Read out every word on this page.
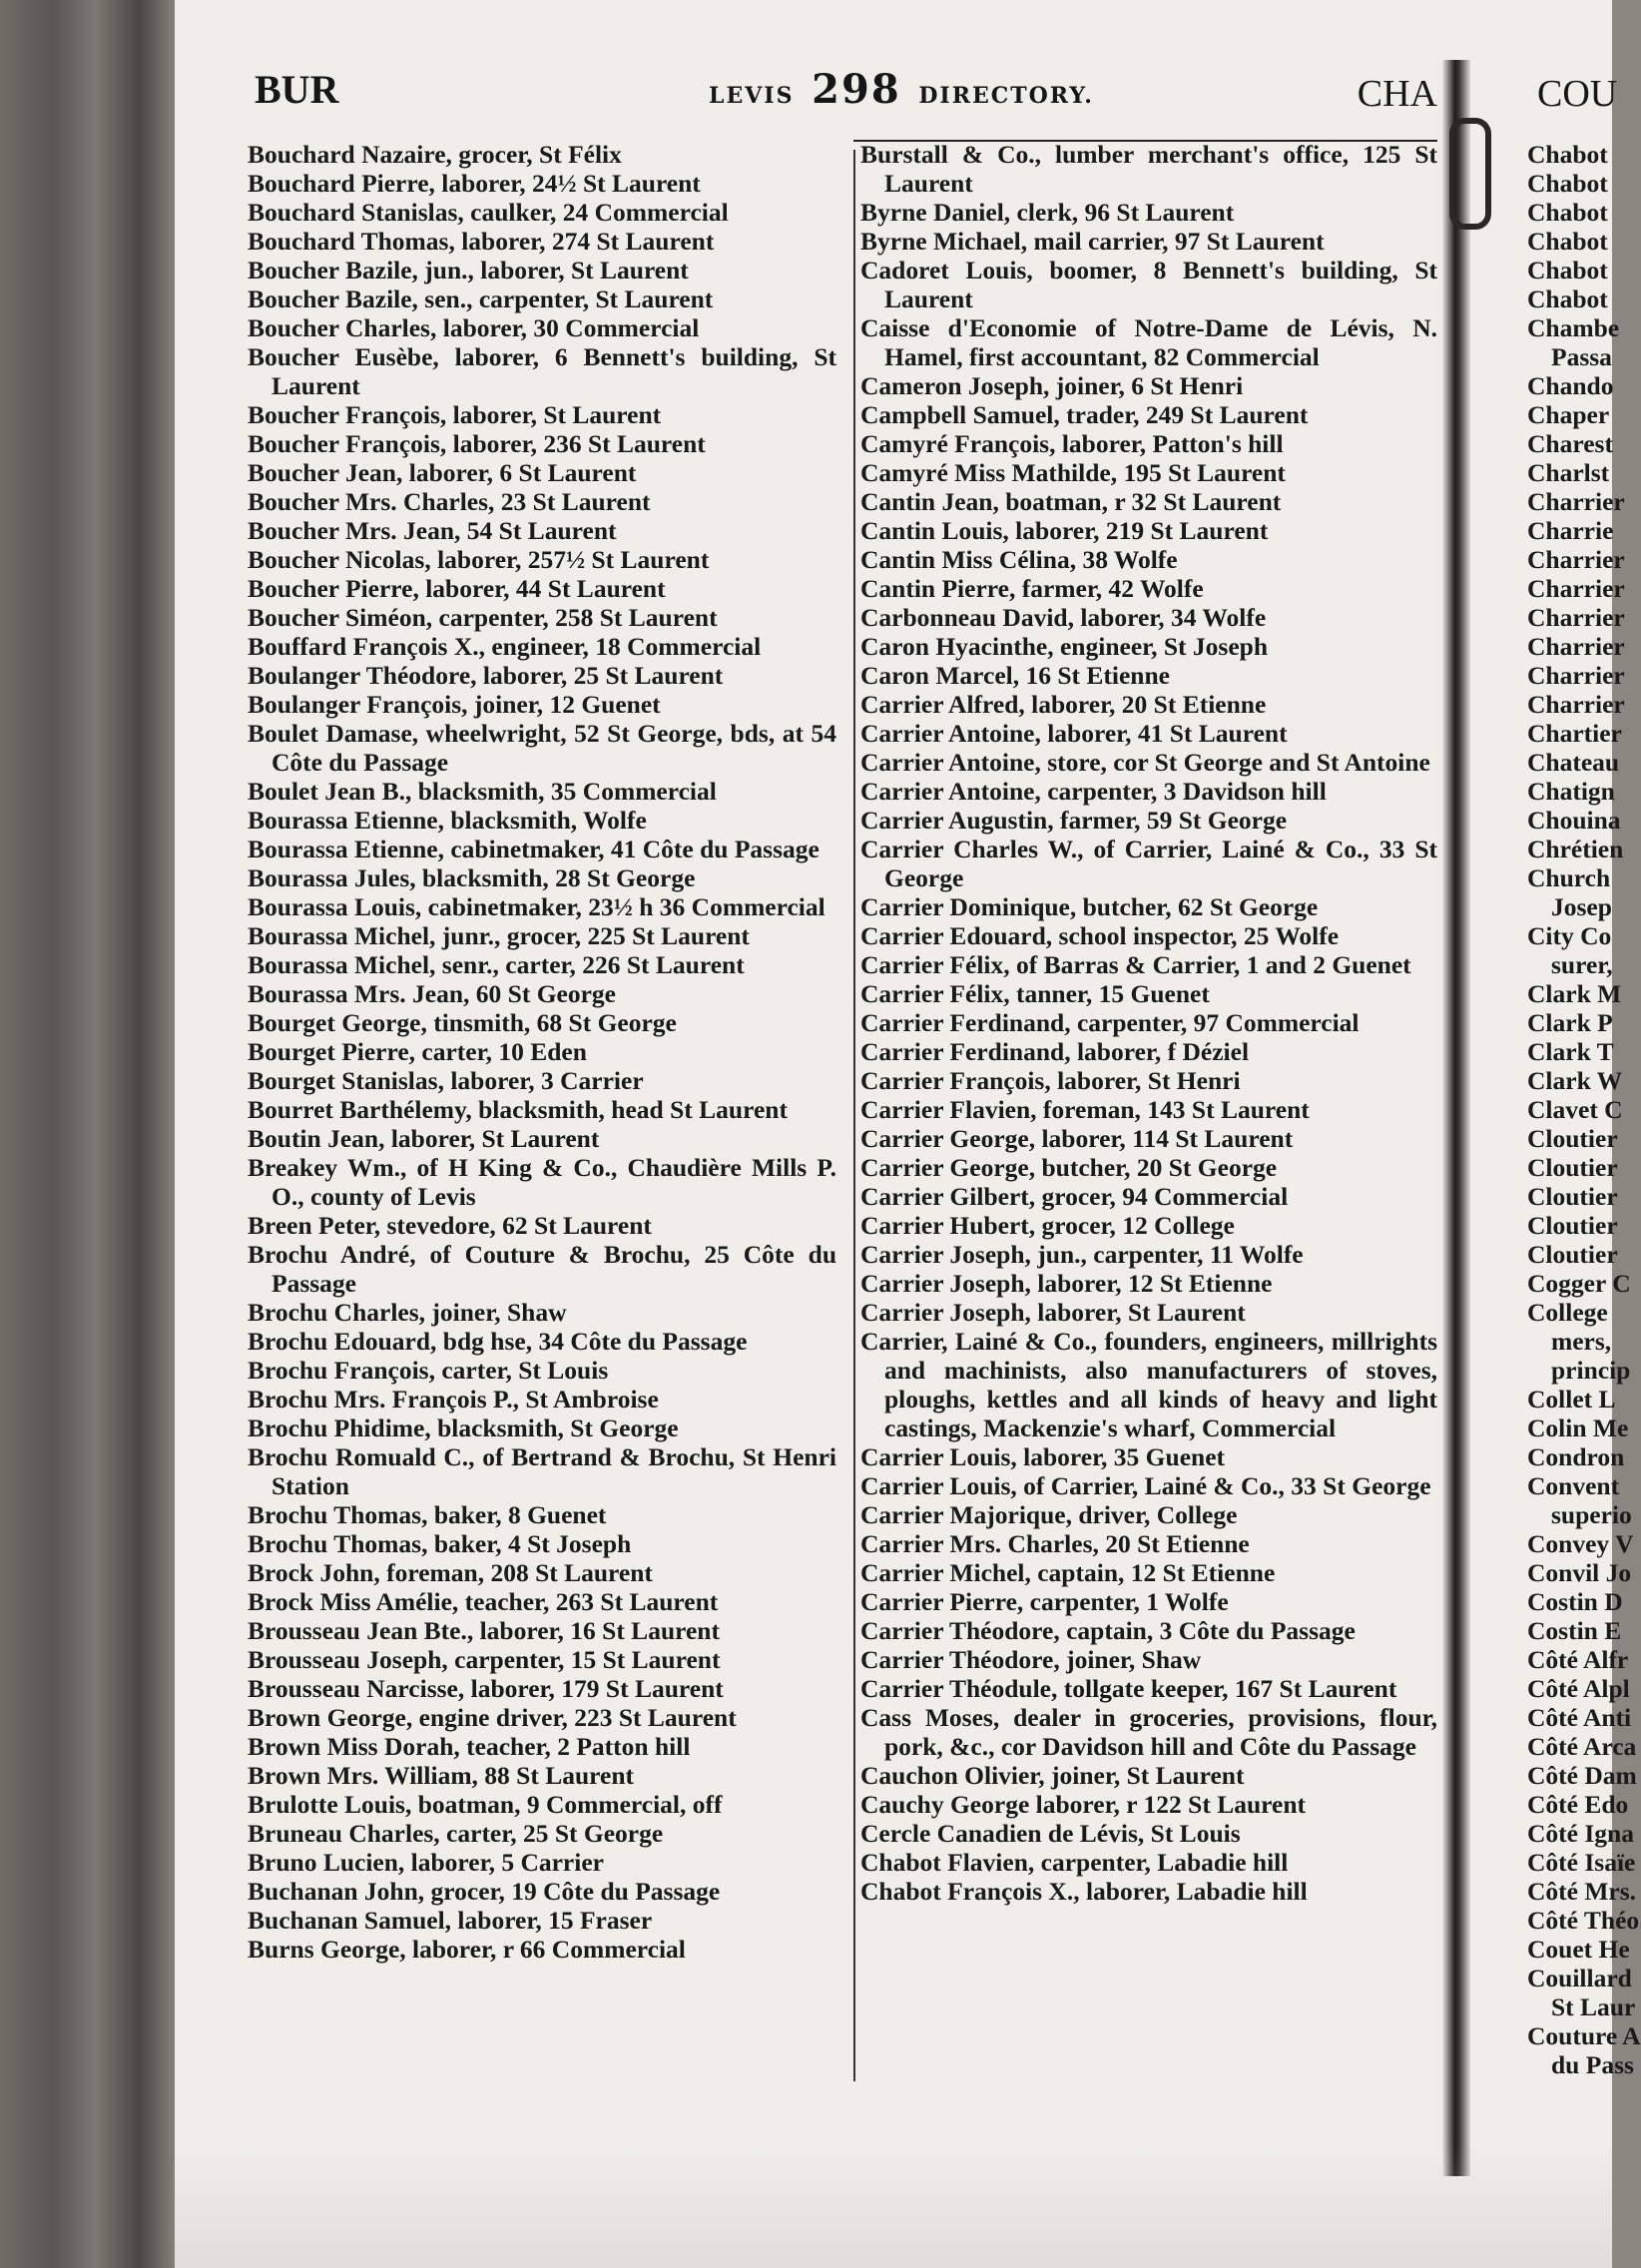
BUR	LEVIS 298 DIRECTORY.	CHA	COU

Bouchard Nazaire, grocer, St Félix

Bouchard Pierre, laborer, 24½ St Laurent

Bouchard Stanislas, caulker, 24 Commercial

Bouchard Thomas, laborer, 274 St Laurent

Boucher Bazile, jun., laborer, St Laurent

Boucher Bazile, sen., carpenter, St Laurent

Boucher Charles, laborer, 30 Commercial

Boucher Eusèbe, laborer, 6 Bennett's building, St Laurent

Boucher François, laborer, St Laurent

Boucher François, laborer, 236 St Laurent

Boucher Jean, laborer, 6 St Laurent

Boucher Mrs. Charles, 23 St Laurent

Boucher Mrs. Jean, 54 St Laurent

Boucher Nicolas, laborer, 257½ St Laurent

Boucher Pierre, laborer, 44 St Laurent

Boucher Siméon, carpenter, 258 St Laurent

Bouffard François X., engineer, 18 Commercial

Boulanger Théodore, laborer, 25 St Laurent

Boulanger François, joiner, 12 Guenet

Boulet Damase, wheelwright, 52 St George, bds, at 54 Côte du Passage

Boulet Jean B., blacksmith, 35 Commercial

Bourassa Etienne, blacksmith, Wolfe

Bourassa Etienne, cabinetmaker, 41 Côte du Passage

Bourassa Jules, blacksmith, 28 St George

Bourassa Louis, cabinetmaker, 23½ h 36 Commercial

Bourassa Michel, junr., grocer, 225 St Laurent

Bourassa Michel, senr., carter, 226 St Laurent

Bourassa Mrs. Jean, 60 St George

Bourget George, tinsmith, 68 St George

Bourget Pierre, carter, 10 Eden

Bourget Stanislas, laborer, 3 Carrier

Bourret Barthélemy, blacksmith, head St Laurent

Boutin Jean, laborer, St Laurent

Breakey Wm., of H King & Co., Chaudière Mills P. O., county of Levis

Breen Peter, stevedore, 62 St Laurent

Brochu André, of Couture & Brochu, 25 Côte du Passage

Brochu Charles, joiner, Shaw

Brochu Edouard, bdg hse, 34 Côte du Passage

Brochu François, carter, St Louis

Brochu Mrs. François P., St Ambroise

Brochu Phidime, blacksmith, St George

Brochu Romuald C., of Bertrand & Brochu, St Henri Station

Brochu Thomas, baker, 8 Guenet

Brochu Thomas, baker, 4 St Joseph

Brock John, foreman, 208 St Laurent

Brock Miss Amélie, teacher, 263 St Laurent

Brousseau Jean Bte., laborer, 16 St Laurent

Brousseau Joseph, carpenter, 15 St Laurent

Brousseau Narcisse, laborer, 179 St Laurent

Brown George, engine driver, 223 St Laurent

Brown Miss Dorah, teacher, 2 Patton hill

Brown Mrs. William, 88 St Laurent

Brulotte Louis, boatman, 9 Commercial, off

Bruneau Charles, carter, 25 St George

Bruno Lucien, laborer, 5 Carrier

Buchanan John, grocer, 19 Côte du Passage

Buchanan Samuel, laborer, 15 Fraser

Burns George, laborer, r 66 Commercial

Burstall & Co., lumber merchant's office, 125 St Laurent

Byrne Daniel, clerk, 96 St Laurent

Byrne Michael, mail carrier, 97 St Laurent

Cadoret Louis, boomer, 8 Bennett's building, St Laurent

Caisse d'Economie of Notre-Dame de Lévis, N. Hamel, first accountant, 82 Commercial

Cameron Joseph, joiner, 6 St Henri

Campbell Samuel, trader, 249 St Laurent

Camyré François, laborer, Patton's hill

Camyré Miss Mathilde, 195 St Laurent

Cantin Jean, boatman, r 32 St Laurent

Cantin Louis, laborer, 219 St Laurent

Cantin Miss Célina, 38 Wolfe

Cantin Pierre, farmer, 42 Wolfe

Carbonneau David, laborer, 34 Wolfe

Caron Hyacinthe, engineer, St Joseph

Caron Marcel, 16 St Etienne

Carrier Alfred, laborer, 20 St Etienne

Carrier Antoine, laborer, 41 St Laurent

Carrier Antoine, store, cor St George and St Antoine

Carrier Antoine, carpenter, 3 Davidson hill

Carrier Augustin, farmer, 59 St George

Carrier Charles W., of Carrier, Lainé & Co., 33 St George

Carrier Dominique, butcher, 62 St George

Carrier Edouard, school inspector, 25 Wolfe

Carrier Félix, of Barras & Carrier, 1 and 2 Guenet

Carrier Félix, tanner, 15 Guenet

Carrier Ferdinand, carpenter, 97 Commercial

Carrier Ferdinand, laborer, f Déziel

Carrier François, laborer, St Henri

Carrier Flavien, foreman, 143 St Laurent

Carrier George, laborer, 114 St Laurent

Carrier George, butcher, 20 St George

Carrier Gilbert, grocer, 94 Commercial

Carrier Hubert, grocer, 12 College

Carrier Joseph, jun., carpenter, 11 Wolfe

Carrier Joseph, laborer, 12 St Etienne

Carrier Joseph, laborer, St Laurent

Carrier, Lainé & Co., founders, engineers, millrights and machinists, also manufacturers of stoves, ploughs, kettles and all kinds of heavy and light castings, Mackenzie's wharf, Commercial

Carrier Louis, laborer, 35 Guenet

Carrier Louis, of Carrier, Lainé & Co., 33 St George

Carrier Majorique, driver, College

Carrier Mrs. Charles, 20 St Etienne

Carrier Michel, captain, 12 St Etienne

Carrier Pierre, carpenter, 1 Wolfe

Carrier Théodore, captain, 3 Côte du Passage

Carrier Théodore, joiner, Shaw

Carrier Théodule, tollgate keeper, 167 St Laurent

Cass Moses, dealer in groceries, provisions, flour, pork, &c., cor Davidson hill and Côte du Passage

Cauchon Olivier, joiner, St Laurent

Cauchy George laborer, r 122 St Laurent

Cercle Canadien de Lévis, St Louis

Chabot Flavien, carpenter, Labadie hill

Chabot François X., laborer, Labadie hill

Chabot

Chabot

Chabot

Chabot

Chabot

Chabot

Chambe

Passa

Chando

Chaper

Charest

Charlst

Charrier

Charrie

Charrier

Charrier

Charrier

Charrier

Charrier

Charrier

Chartier

Chateau

Chatign

Chouina

Chrétien

Church

Josep

City Co

surer,

Clark M

Clark P

Clark T

Clark W

Clavet C

Cloutier

Cloutier

Cloutier

Cloutier

Cloutier

Cogger C

College

mers,

princip

Collet L

Colin Me

Condron

Convent

superio

Convey V

Convil Jo

Costin D

Costin E

Côté Alfr

Côté Alpl

Côté Anti

Côté Arca

Côté Dam

Côté Edo

Côté Igna

Côté Isaïe

Côté Mrs.

Côté Théo

Couet He

Couillard

St Laur

Couture A

du Pass
